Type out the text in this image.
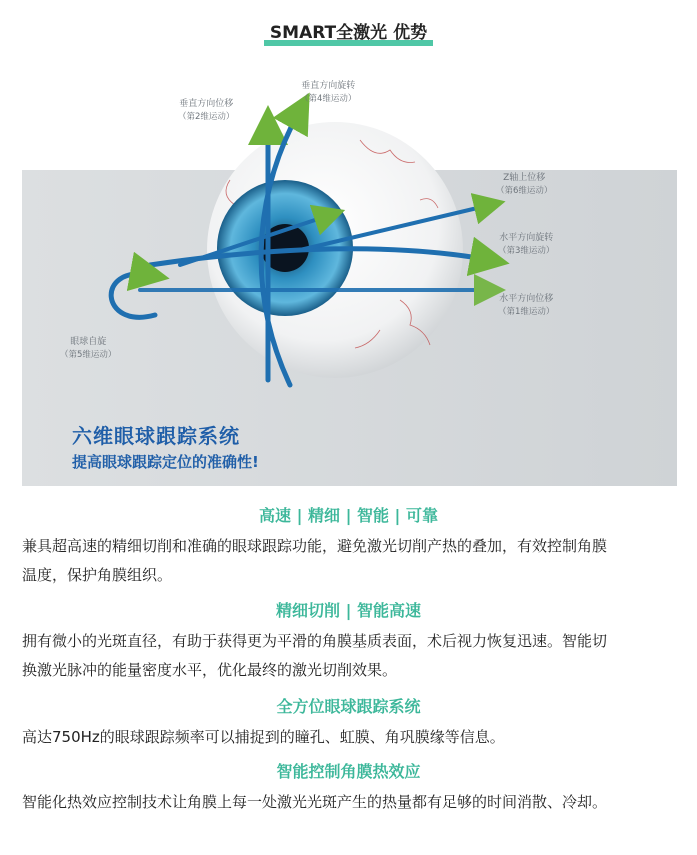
SMART全激光 优势
垂直方向旋转
（第4维运动）
垂直方向位移
（第2维运动）
Z轴上位移
（第6维运动）
水平方向旋转
（第3维运动）
水平方向位移
（第1维运动）
眼球自旋
（第5维运动）
六维眼球跟踪系统
提高眼球跟踪定位的准确性!
高速 | 精细 | 智能 | 可靠
兼具超高速的精细切削和准确的眼球跟踪功能，避免激光切削产热的叠加，有效控制角膜
温度，保护角膜组织。
精细切削 | 智能高速
拥有微小的光斑直径，有助于获得更为平滑的角膜基质表面，术后视力恢复迅速。智能切
换激光脉冲的能量密度水平，优化最终的激光切削效果。
全方位眼球跟踪系统
高达750Hz的眼球跟踪频率可以捕捉到的瞳孔、虹膜、角巩膜缘等信息。
智能控制角膜热效应
智能化热效应控制技术让角膜上每一处激光光斑产生的热量都有足够的时间消散、冷却。
